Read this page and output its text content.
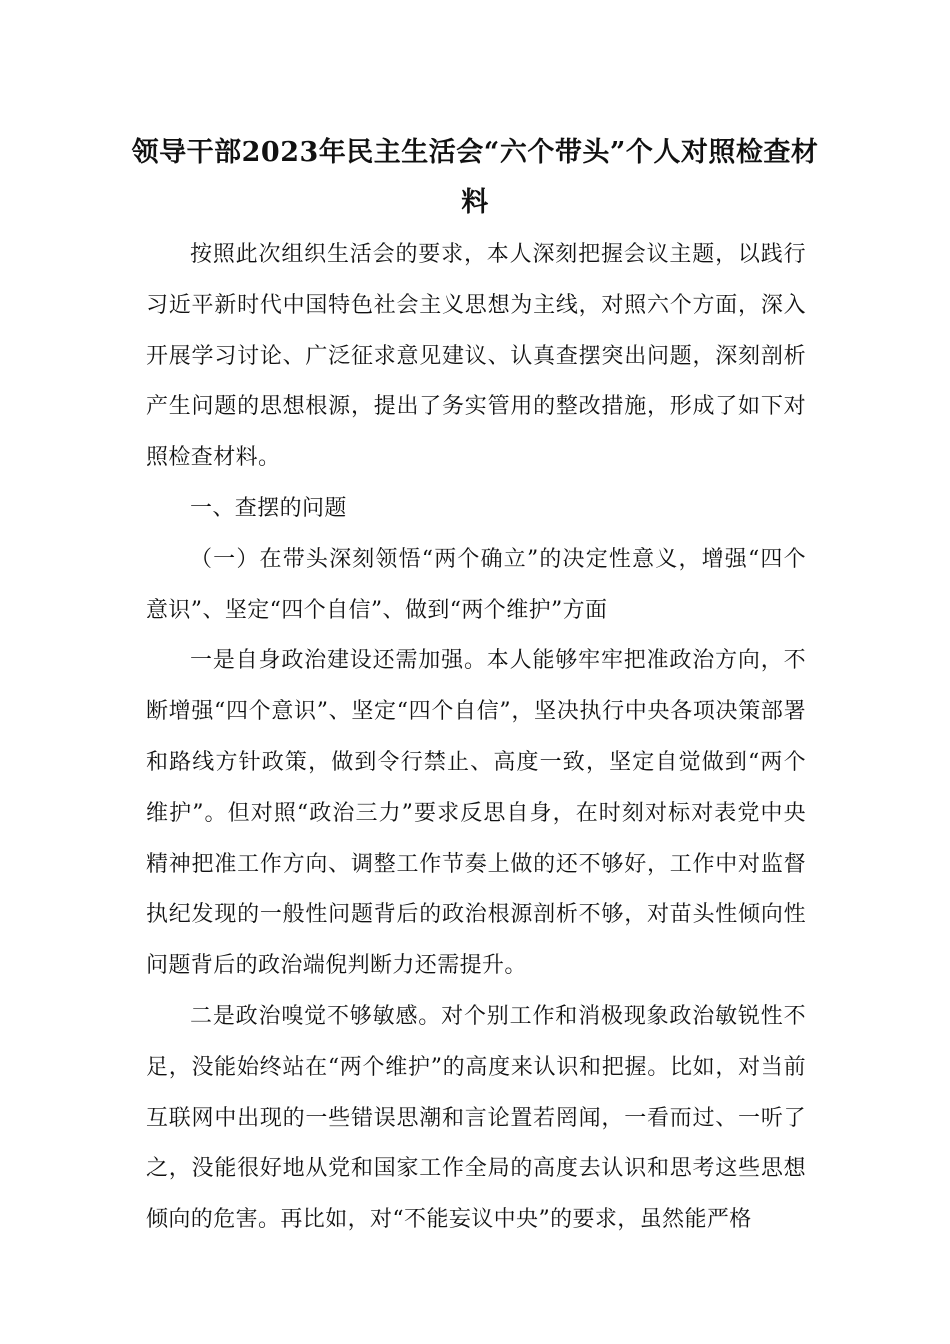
领导干部2023年民主生活会“六个带头”个人对照检查材
料

按照此次组织生活会的要求，本人深刻把握会议主题，以践行习近平新时代中国特色社会主义思想为主线，对照六个方面，深入开展学习讨论、广泛征求意见建议、认真查摆突出问题，深刻剖析产生问题的思想根源，提出了务实管用的整改措施，形成了如下对照检查材料。

一、查摆的问题

（一）在带头深刻领悟“两个确立”的决定性意义，增强“四个意识”、坚定“四个自信”、做到“两个维护”方面

一是自身政治建设还需加强。本人能够牢牢把准政治方向，不断增强“四个意识”、坚定“四个自信”，坚决执行中央各项决策部署和路线方针政策，做到令行禁止、高度一致，坚定自觉做到“两个维护”。但对照“政治三力”要求反思自身，在时刻对标对表党中央精神把准工作方向、调整工作节奏上做的还不够好，工作中对监督执纪发现的一般性问题背后的政治根源剖析不够，对苗头性倾向性问题背后的政治端倪判断力还需提升。

二是政治嗅觉不够敏感。对个别工作和消极现象政治敏锐性不足，没能始终站在“两个维护”的高度来认识和把握。比如，对当前互联网中出现的一些错误思潮和言论置若罔闻，一看而过、一听了之，没能很好地从党和国家工作全局的高度去认识和思考这些思想倾向的危害。再比如，对“不能妄议中央”的要求，虽然能严格
